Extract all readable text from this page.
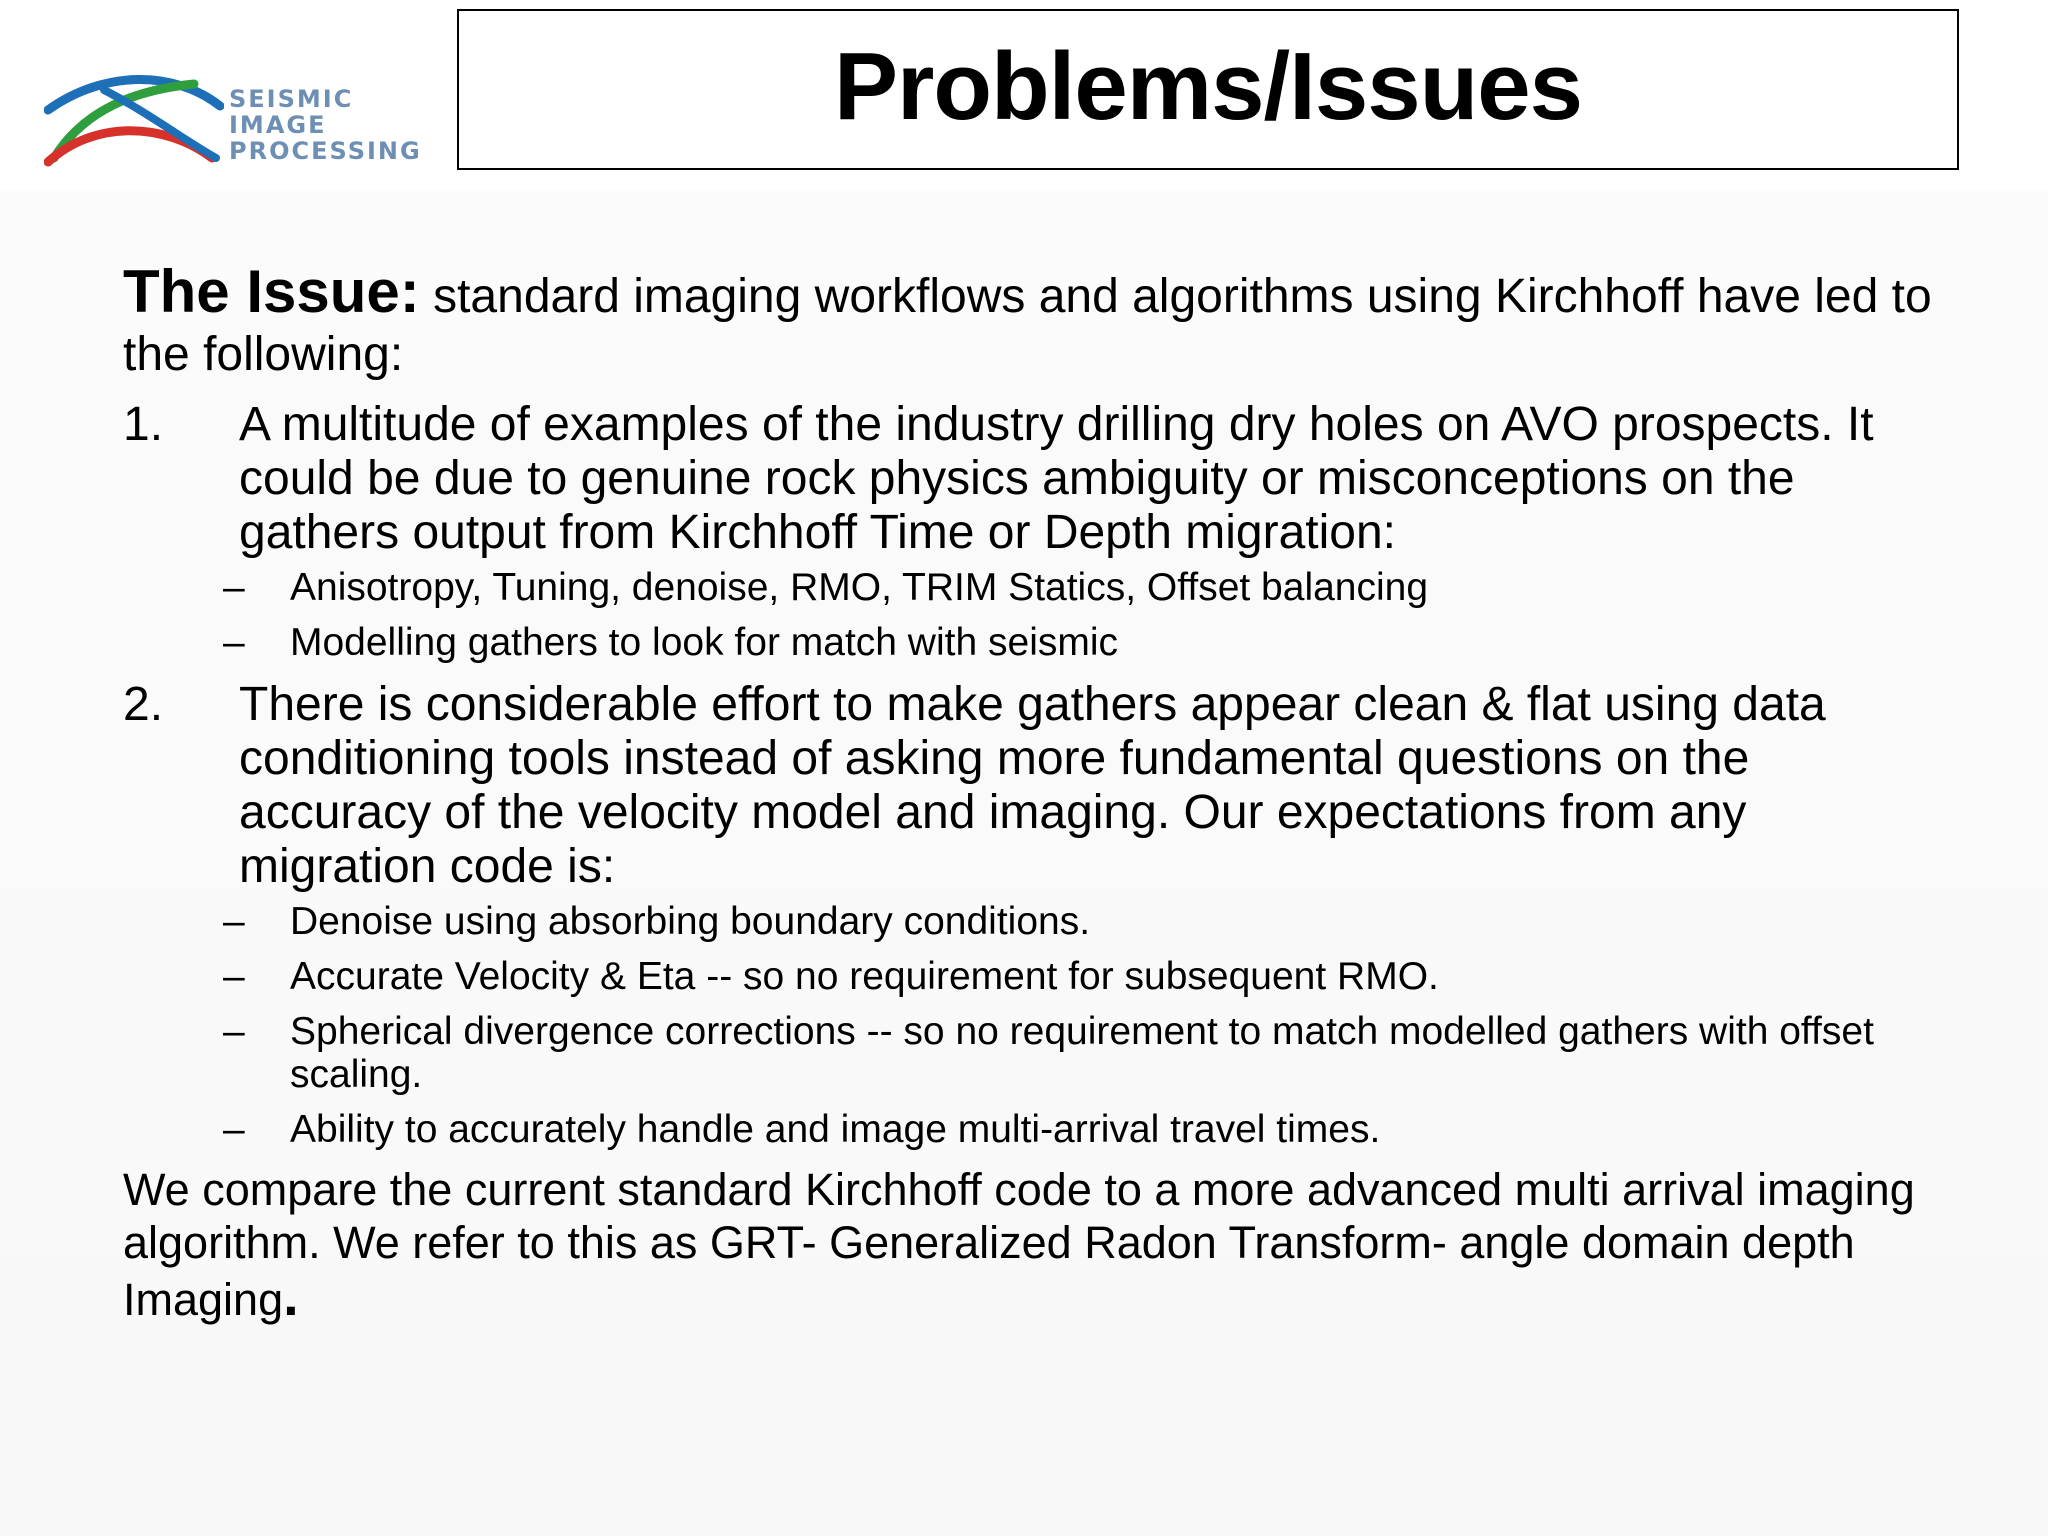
SEISMIC
IMAGE
PROCESSING
Problems/Issues
The Issue: standard imaging workflows and algorithms using Kirchhoff have led to the following:
1. A multitude of examples of the industry drilling dry holes on AVO prospects. It could be due to genuine rock physics ambiguity or misconceptions on the gathers output from Kirchhoff Time or Depth migration:
– Anisotropy, Tuning, denoise, RMO, TRIM Statics, Offset balancing
– Modelling gathers to look for match with seismic
2. There is considerable effort to make gathers appear clean & flat using data conditioning tools instead of asking more fundamental questions on the accuracy of the velocity model and imaging. Our expectations from any migration code is:
– Denoise using absorbing boundary conditions.
– Accurate Velocity & Eta -- so no requirement for subsequent RMO.
– Spherical divergence corrections -- so no requirement to match modelled gathers with offset scaling.
– Ability to accurately handle and image multi-arrival travel times.
We compare the current standard Kirchhoff code to a more advanced multi arrival imaging algorithm. We refer to this as GRT- Generalized Radon Transform- angle domain depth Imaging.
